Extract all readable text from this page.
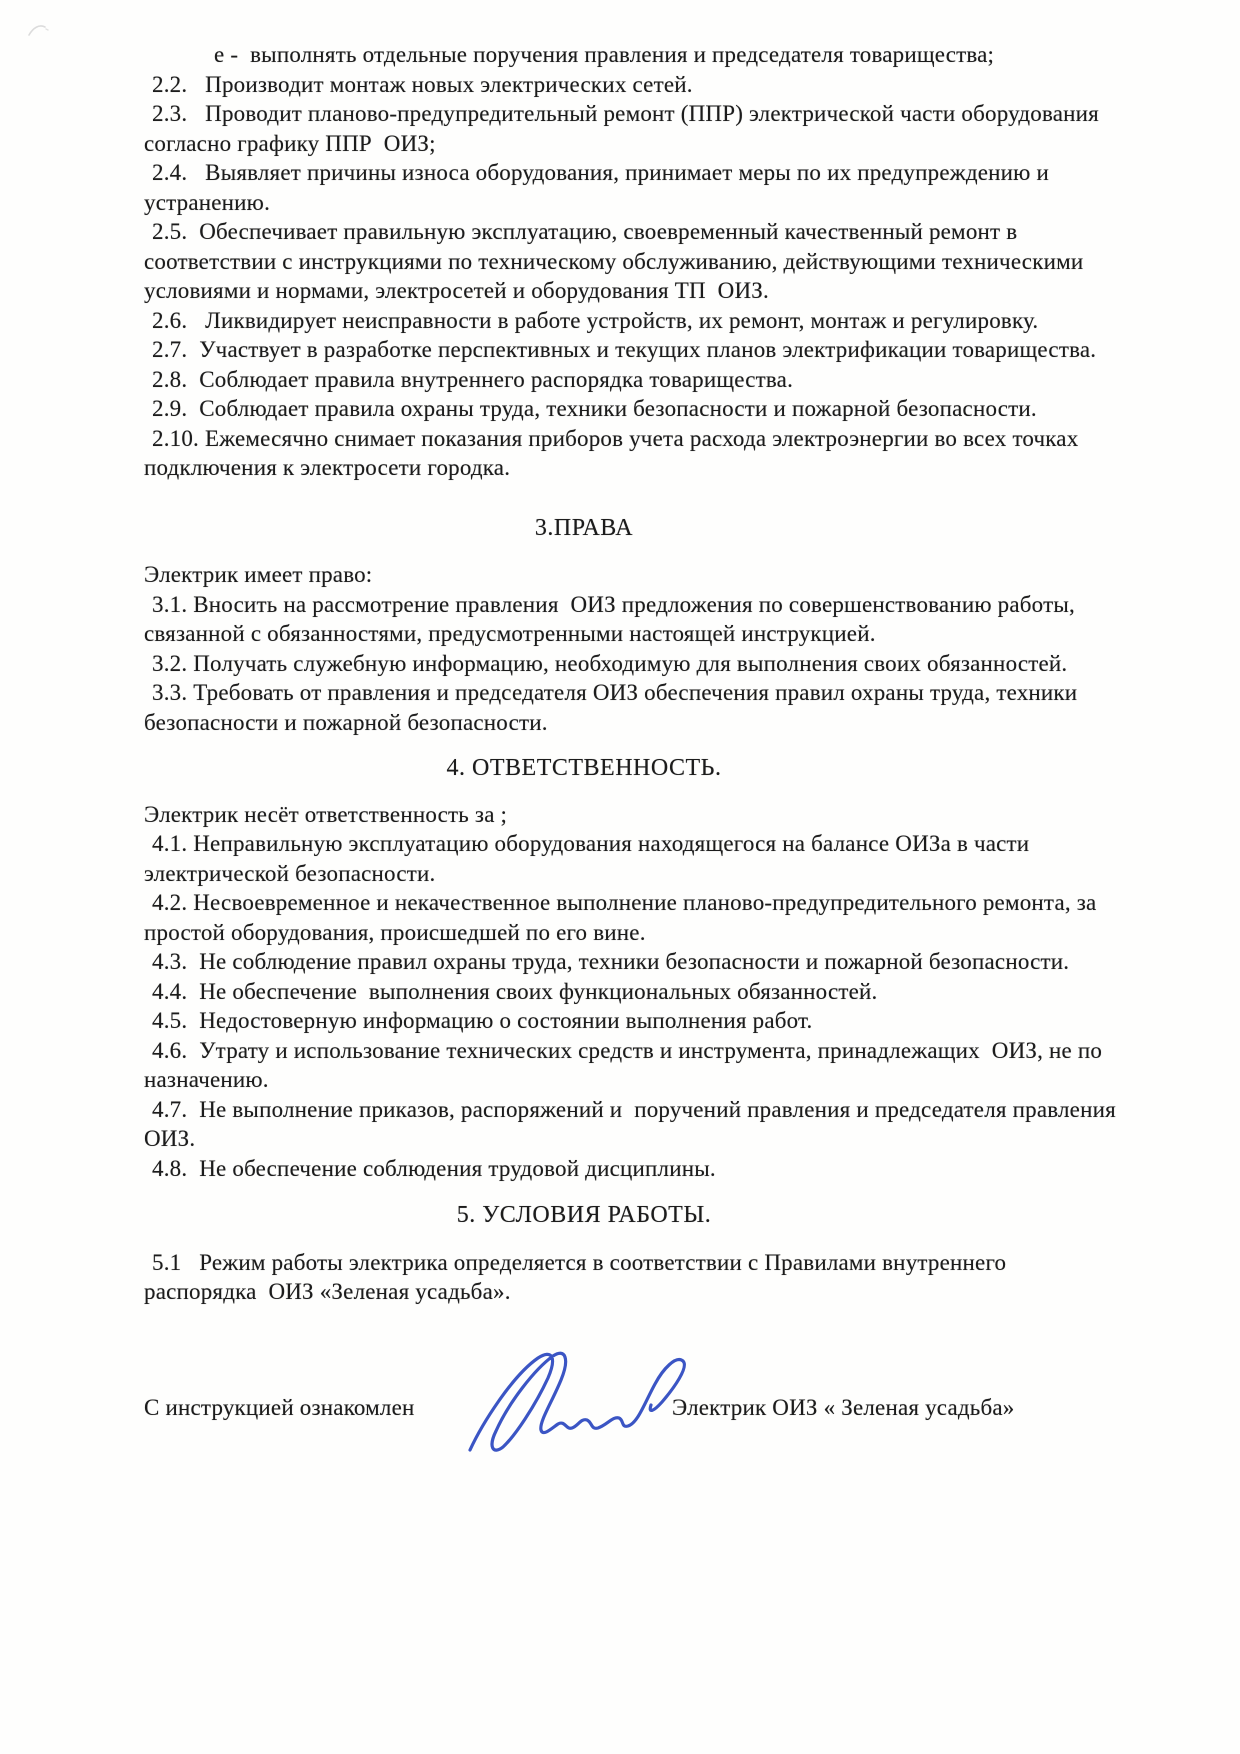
е -  выполнять отдельные поручения правления и председателя товарищества;

2.2.   Производит монтаж новых электрических сетей.

2.3.   Проводит планово-предупредительный ремонт (ППР) электрической части оборудования согласно графику ППР  ОИЗ;

2.4.   Выявляет причины износа оборудования, принимает меры по их предупреждению и устранению.

2.5.  Обеспечивает правильную эксплуатацию, своевременный качественный ремонт в соответствии с инструкциями по техническому обслуживанию, действующими техническими условиями и нормами, электросетей и оборудования ТП  ОИЗ.

2.6.   Ликвидирует неисправности в работе устройств, их ремонт, монтаж и регулировку.

2.7.  Участвует в разработке перспективных и текущих планов электрификации товарищества.

2.8.  Соблюдает правила внутреннего распорядка товарищества.

2.9.  Соблюдает правила охраны труда, техники безопасности и пожарной безопасности.

2.10. Ежемесячно снимает показания приборов учета расхода электроэнергии во всех точках подключения к электросети городка.

3.ПРАВА

Электрик имеет право:

3.1. Вносить на рассмотрение правления  ОИЗ предложения по совершенствованию работы, связанной с обязанностями, предусмотренными настоящей инструкцией.

3.2. Получать служебную информацию, необходимую для выполнения своих обязанностей.

3.3. Требовать от правления и председателя ОИЗ обеспечения правил охраны труда, техники безопасности и пожарной безопасности.

4. ОТВЕТСТВЕННОСТЬ.

Электрик несёт ответственность за ;

4.1. Неправильную эксплуатацию оборудования находящегося на балансе ОИЗа в части электрической безопасности.

4.2. Несвоевременное и некачественное выполнение планово-предупредительного ремонта, за простой оборудования, происшедшей по его вине.

4.3.  Не соблюдение правил охраны труда, техники безопасности и пожарной безопасности.

4.4.  Не обеспечение  выполнения своих функциональных обязанностей.

4.5.  Недостоверную информацию о состоянии выполнения работ.

4.6.  Утрату и использование технических средств и инструмента, принадлежащих  ОИЗ, не по назначению.

4.7.  Не выполнение приказов, распоряжений и  поручений правления и председателя правления  ОИЗ.

4.8.  Не обеспечение соблюдения трудовой дисциплины.

5. УСЛОВИЯ РАБОТЫ.

5.1   Режим работы электрика определяется в соответствии с Правилами внутреннего распорядка  ОИЗ «Зеленая усадьба».

С инструкцией ознакомлен	Электрик ОИЗ « Зеленая усадьба»
